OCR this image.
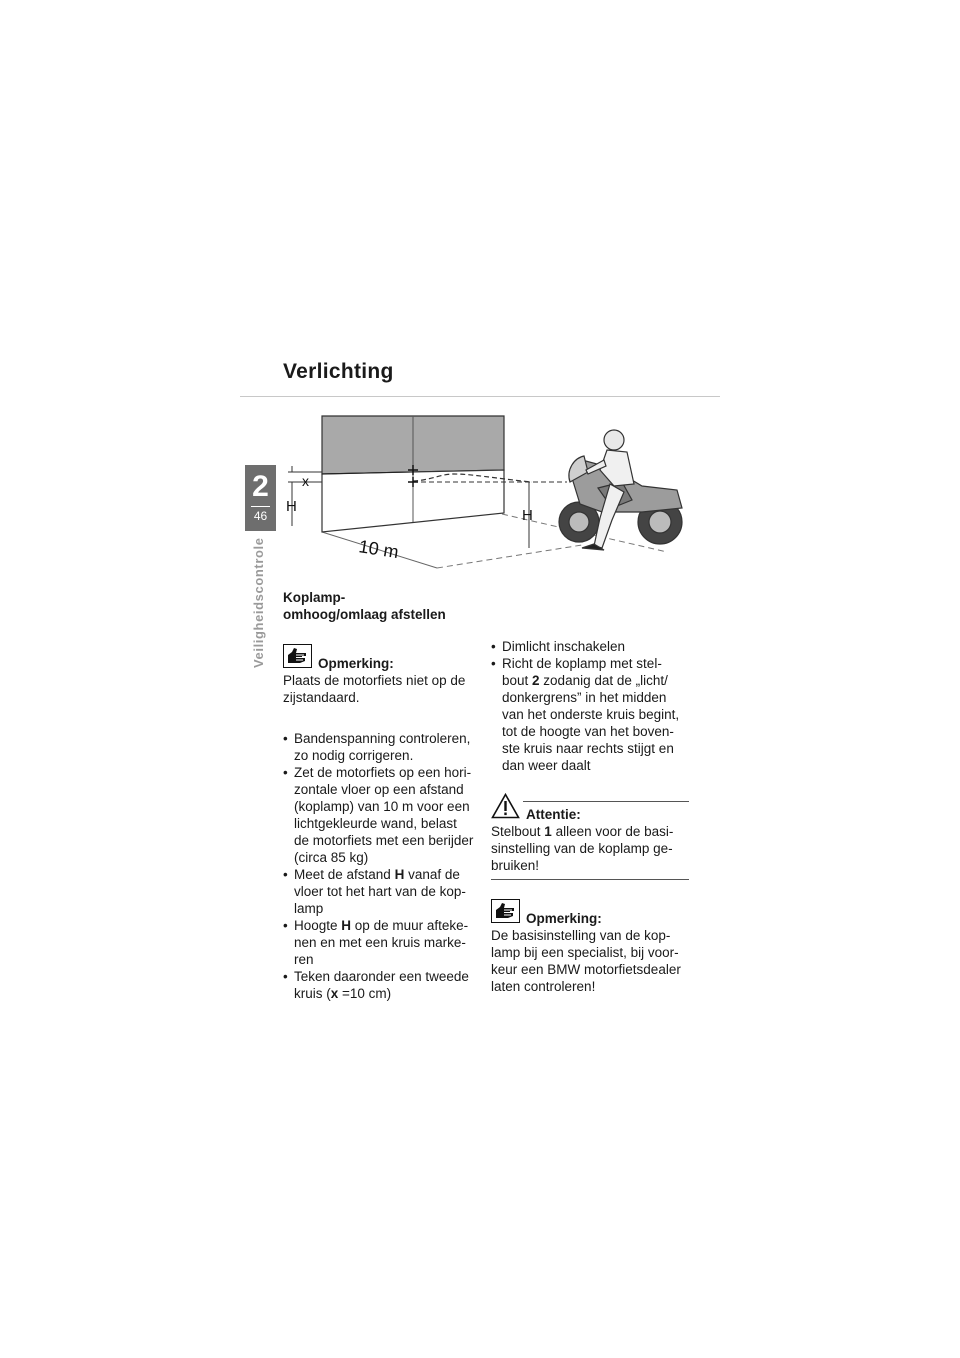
Verlichting
2
46
Veiligheidscontrole
x
H
H
10 m
Koplamp-
omhoog/omlaag afstellen
Opmerking:
Plaats de motorfiets niet op de
zijstandaard.
• Bandenspanning controleren,
zo nodig corrigeren.
• Zet de motorfiets op een hori-
zontale vloer op een afstand
(koplamp) van 10 m voor een
lichtgekleurde wand, belast
de motorfiets met een berijder
(circa 85 kg)
• Meet de afstand H vanaf de
vloer tot het hart van de kop-
lamp
• Hoogte H op de muur afteke-
nen en met een kruis marke-
ren
• Teken daaronder een tweede
kruis (x =10 cm)
• Dimlicht inschakelen
• Richt de koplamp met stel-
bout 2 zodanig dat de „licht/
donkergrens” in het midden
van het onderste kruis begint,
tot de hoogte van het boven-
ste kruis naar rechts stijgt en
dan weer daalt
Attentie:
Stelbout 1 alleen voor de basi-
sinstelling van de koplamp ge-
bruiken!
Opmerking:
De basisinstelling van de kop-
lamp bij een specialist, bij voor-
keur een BMW motorfietsdealer
laten controleren!
